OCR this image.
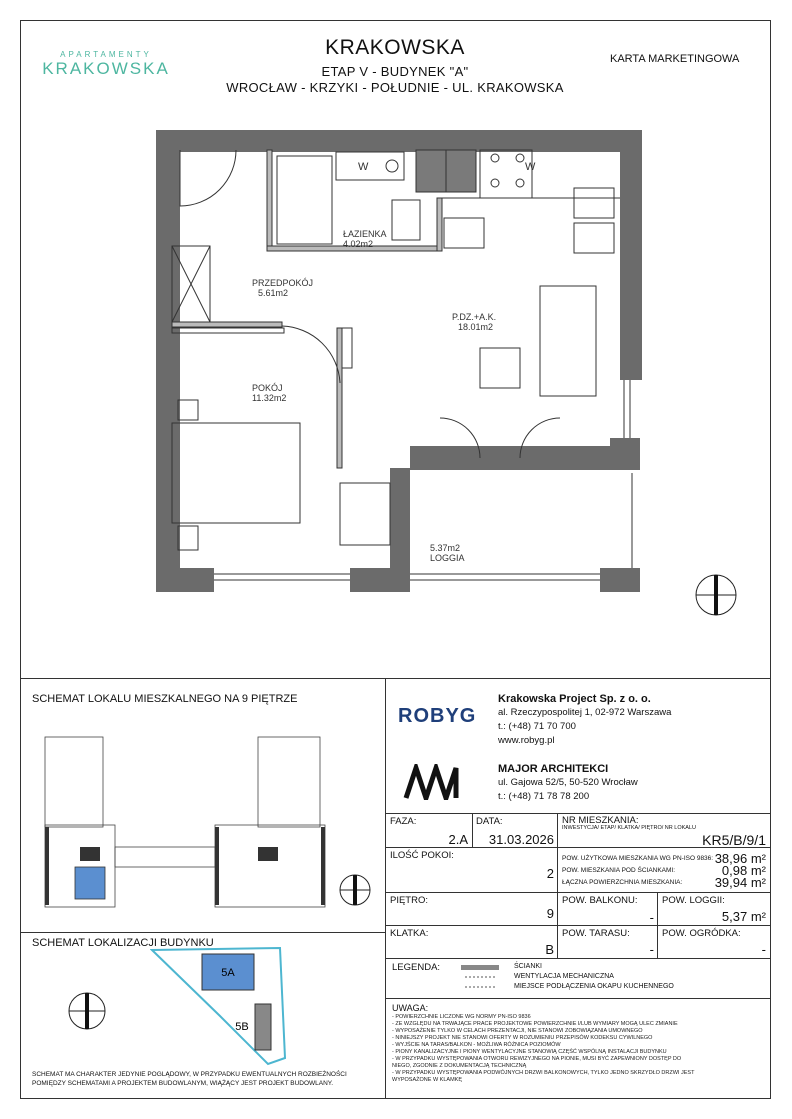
APARTAMENTY
KRAKOWSKA
KRAKOWSKA
ETAP V - BUDYNEK "A"
WROCŁAW - KRZYKI - POŁUDNIE - UL. KRAKOWSKA
KARTA MARKETINGOWA
W	W
ŁAZIENKA
4.02m2
PRZEDPOKÓJ
5.61m2
P.DZ.+A.K.
18.01m2
POKÓJ
11.32m2
5.37m2
LOGGIA
SCHEMAT LOKALU MIESZKALNEGO NA 9 PIĘTRZE
SCHEMAT LOKALIZACJI BUDYNKU
5A
5B
SCHEMAT MA CHARAKTER JEDYNIE POGLĄDOWY, W PRZYPADKU EWENTUALNYCH ROZBIEŻNOŚCI
POMIĘDZY SCHEMATAMI A PROJEKTEM BUDOWLANYM, WIĄŻĄCY JEST PROJEKT BUDOWLANY.
ROBYG
Krakowska Project Sp. z o. o.
al. Rzeczypospolitej 1, 02-972 Warszawa
t.: (+48) 71 70 700
www.robyg.pl
MAJOR ARCHITEKCI
ul. Gajowa 52/5, 50-520 Wrocław
t.: (+48) 71 78 78 200
FAZA:
2.A
DATA:
31.03.2026
NR MIESZKANIA:
INWESTYCJA/ ETAP/ KLATKA/ PIĘTRO/ NR LOKALU
KR5/B/9/1
ILOŚĆ POKOI:
2
POW. UŻYTKOWA MIESZKANIA WG PN-ISO 9836: 38,96 m²
POW. MIESZKANIA POD ŚCIANKAMI:	0,98 m²
ŁĄCZNA POWIERZCHNIA MIESZKANIA:	39,94 m²
PIĘTRO:
9
POW. BALKONU:
-
POW. LOGGII:
5,37 m²
KLATKA:
B
POW. TARASU:
-
POW. OGRÓDKA:
-
LEGENDA:	ŚCIANKI
WENTYLACJA MECHANICZNA
MIEJSCE PODŁĄCZENIA OKAPU KUCHENNEGO
UWAGA:
- POWIERZCHNIE LICZONE WG NORMY PN-ISO 9836
- ZE WZGLĘDU NA TRWAJĄCE PRACE PROJEKTOWE POWIERZCHNIE I/LUB WYMIARY MOGĄ ULEC ZMIANIE
- WYPOSAŻENIE TYLKO W CELACH PREZENTACJI, NIE STANOWI ZOBOWIĄZANIA UMOWNEGO
- NINIEJSZY PROJEKT NIE STANOWI OFERTY W ROZUMIENIU PRZEPISÓW KODEKSU CYWILNEGO
- WYJŚCIE NA TARAS/BALKON - MOŻLIWA RÓŻNICA POZIOMÓW
- PIONY KANALIZACYJNE I PIONY WENTYLACYJNE STANOWIĄ CZĘŚĆ WSPÓLNĄ INSTALACJI BUDYNKU
- W PRZYPADKU WYSTĘPOWANIA OTWORU REWIZYJNEGO NA PIONIE, MUSI BYĆ ZAPEWNIONY DOSTĘP DO
NIEGO, ZGODNIE Z DOKUMENTACJĄ TECHNICZNĄ
- W PRZYPADKU WYSTĘPOWANIA PODWÓJNYCH DRZWI BALKONOWYCH, TYLKO JEDNO SKRZYDŁO DRZWI JEST
WYPOSAŻONE W KLAMKĘ
